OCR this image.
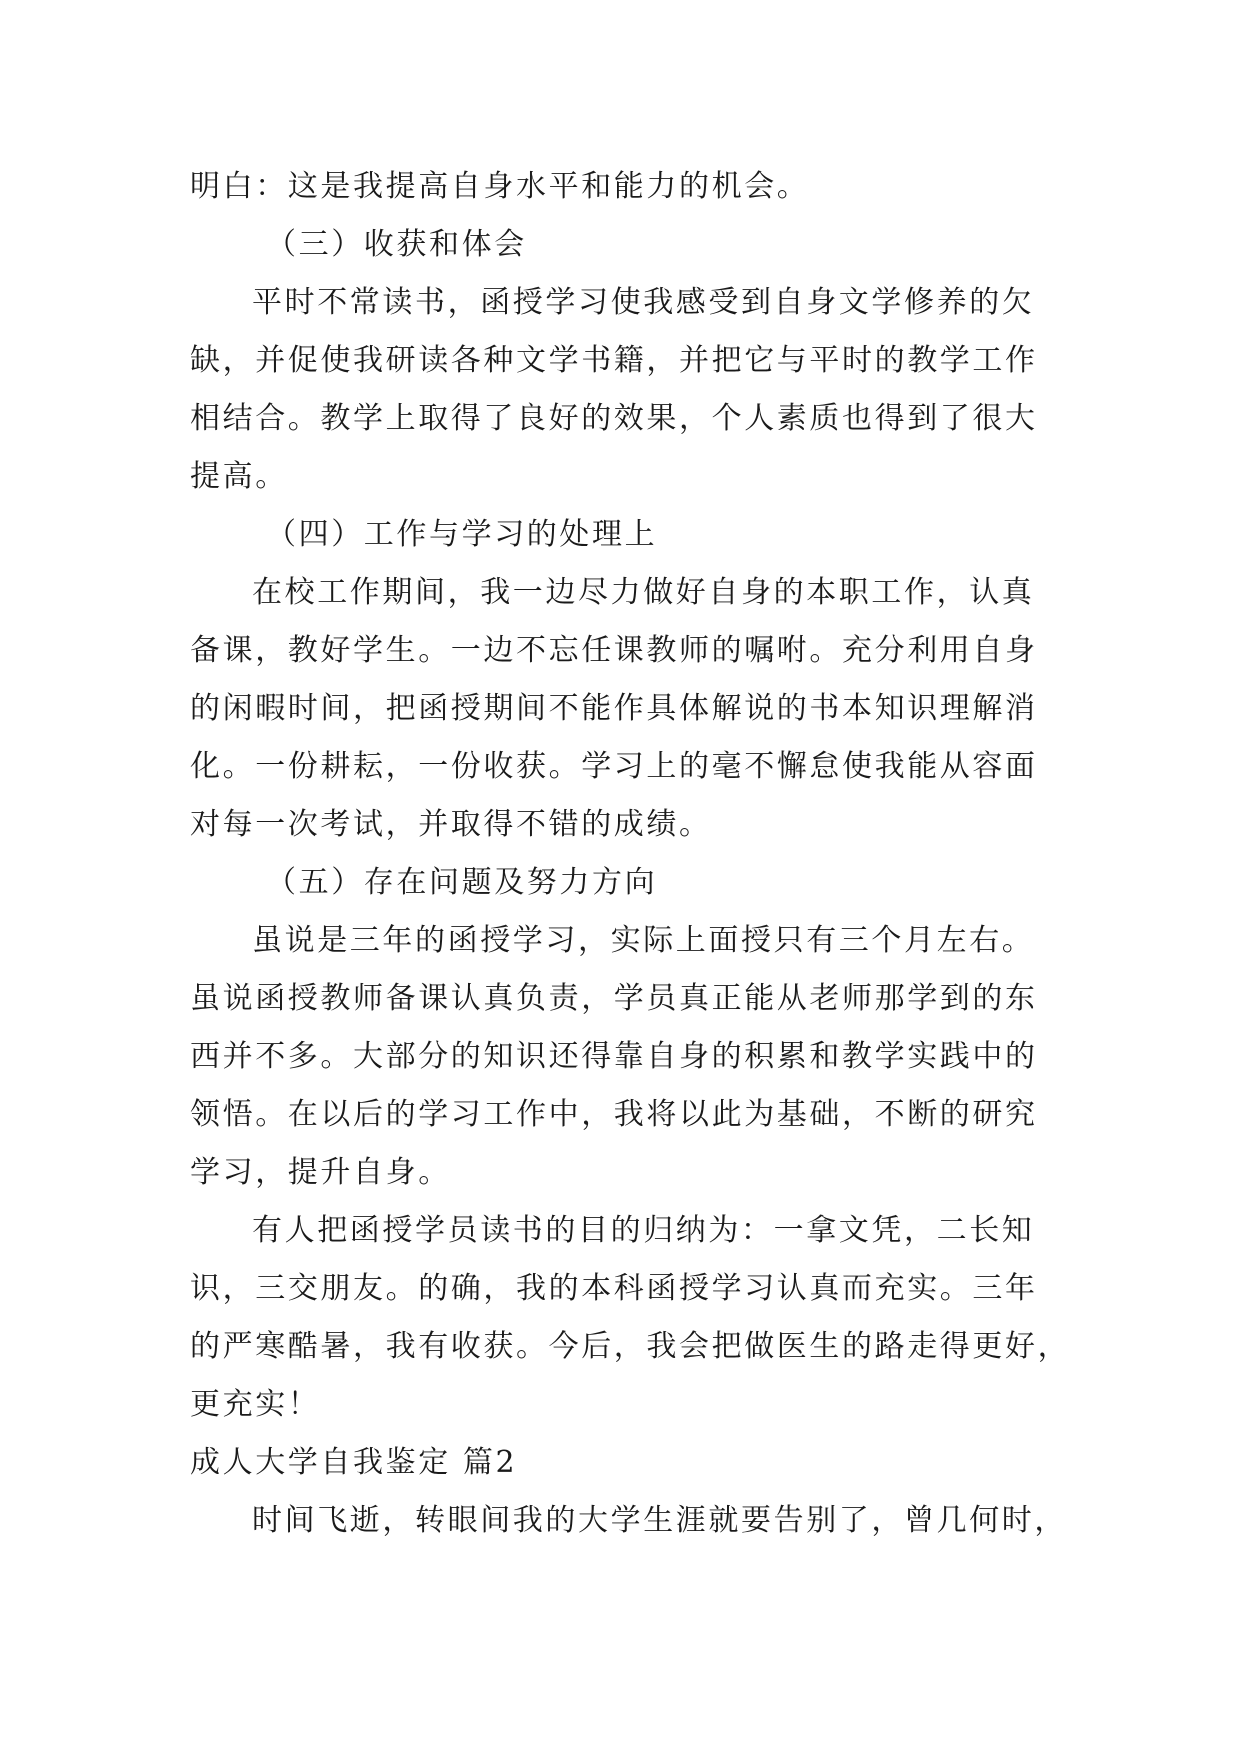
明白：这是我提高自身水平和能力的机会。
（三）收获和体会
平时不常读书，函授学习使我感受到自身文学修养的欠
缺，并促使我研读各种文学书籍，并把它与平时的教学工作
相结合。教学上取得了良好的效果，个人素质也得到了很大
提高。
（四）工作与学习的处理上
在校工作期间，我一边尽力做好自身的本职工作，认真
备课，教好学生。一边不忘任课教师的嘱咐。充分利用自身
的闲暇时间，把函授期间不能作具体解说的书本知识理解消
化。一份耕耘，一份收获。学习上的毫不懈怠使我能从容面
对每一次考试，并取得不错的成绩。
（五）存在问题及努力方向
虽说是三年的函授学习，实际上面授只有三个月左右。
虽说函授教师备课认真负责，学员真正能从老师那学到的东
西并不多。大部分的知识还得靠自身的积累和教学实践中的
领悟。在以后的学习工作中，我将以此为基础，不断的研究
学习，提升自身。
有人把函授学员读书的目的归纳为：一拿文凭，二长知
识，三交朋友。的确，我的本科函授学习认真而充实。三年
的严寒酷暑，我有收获。今后，我会把做医生的路走得更好，
更充实！
成人大学自我鉴定 篇2
时间飞逝，转眼间我的大学生涯就要告别了，曾几何时，
